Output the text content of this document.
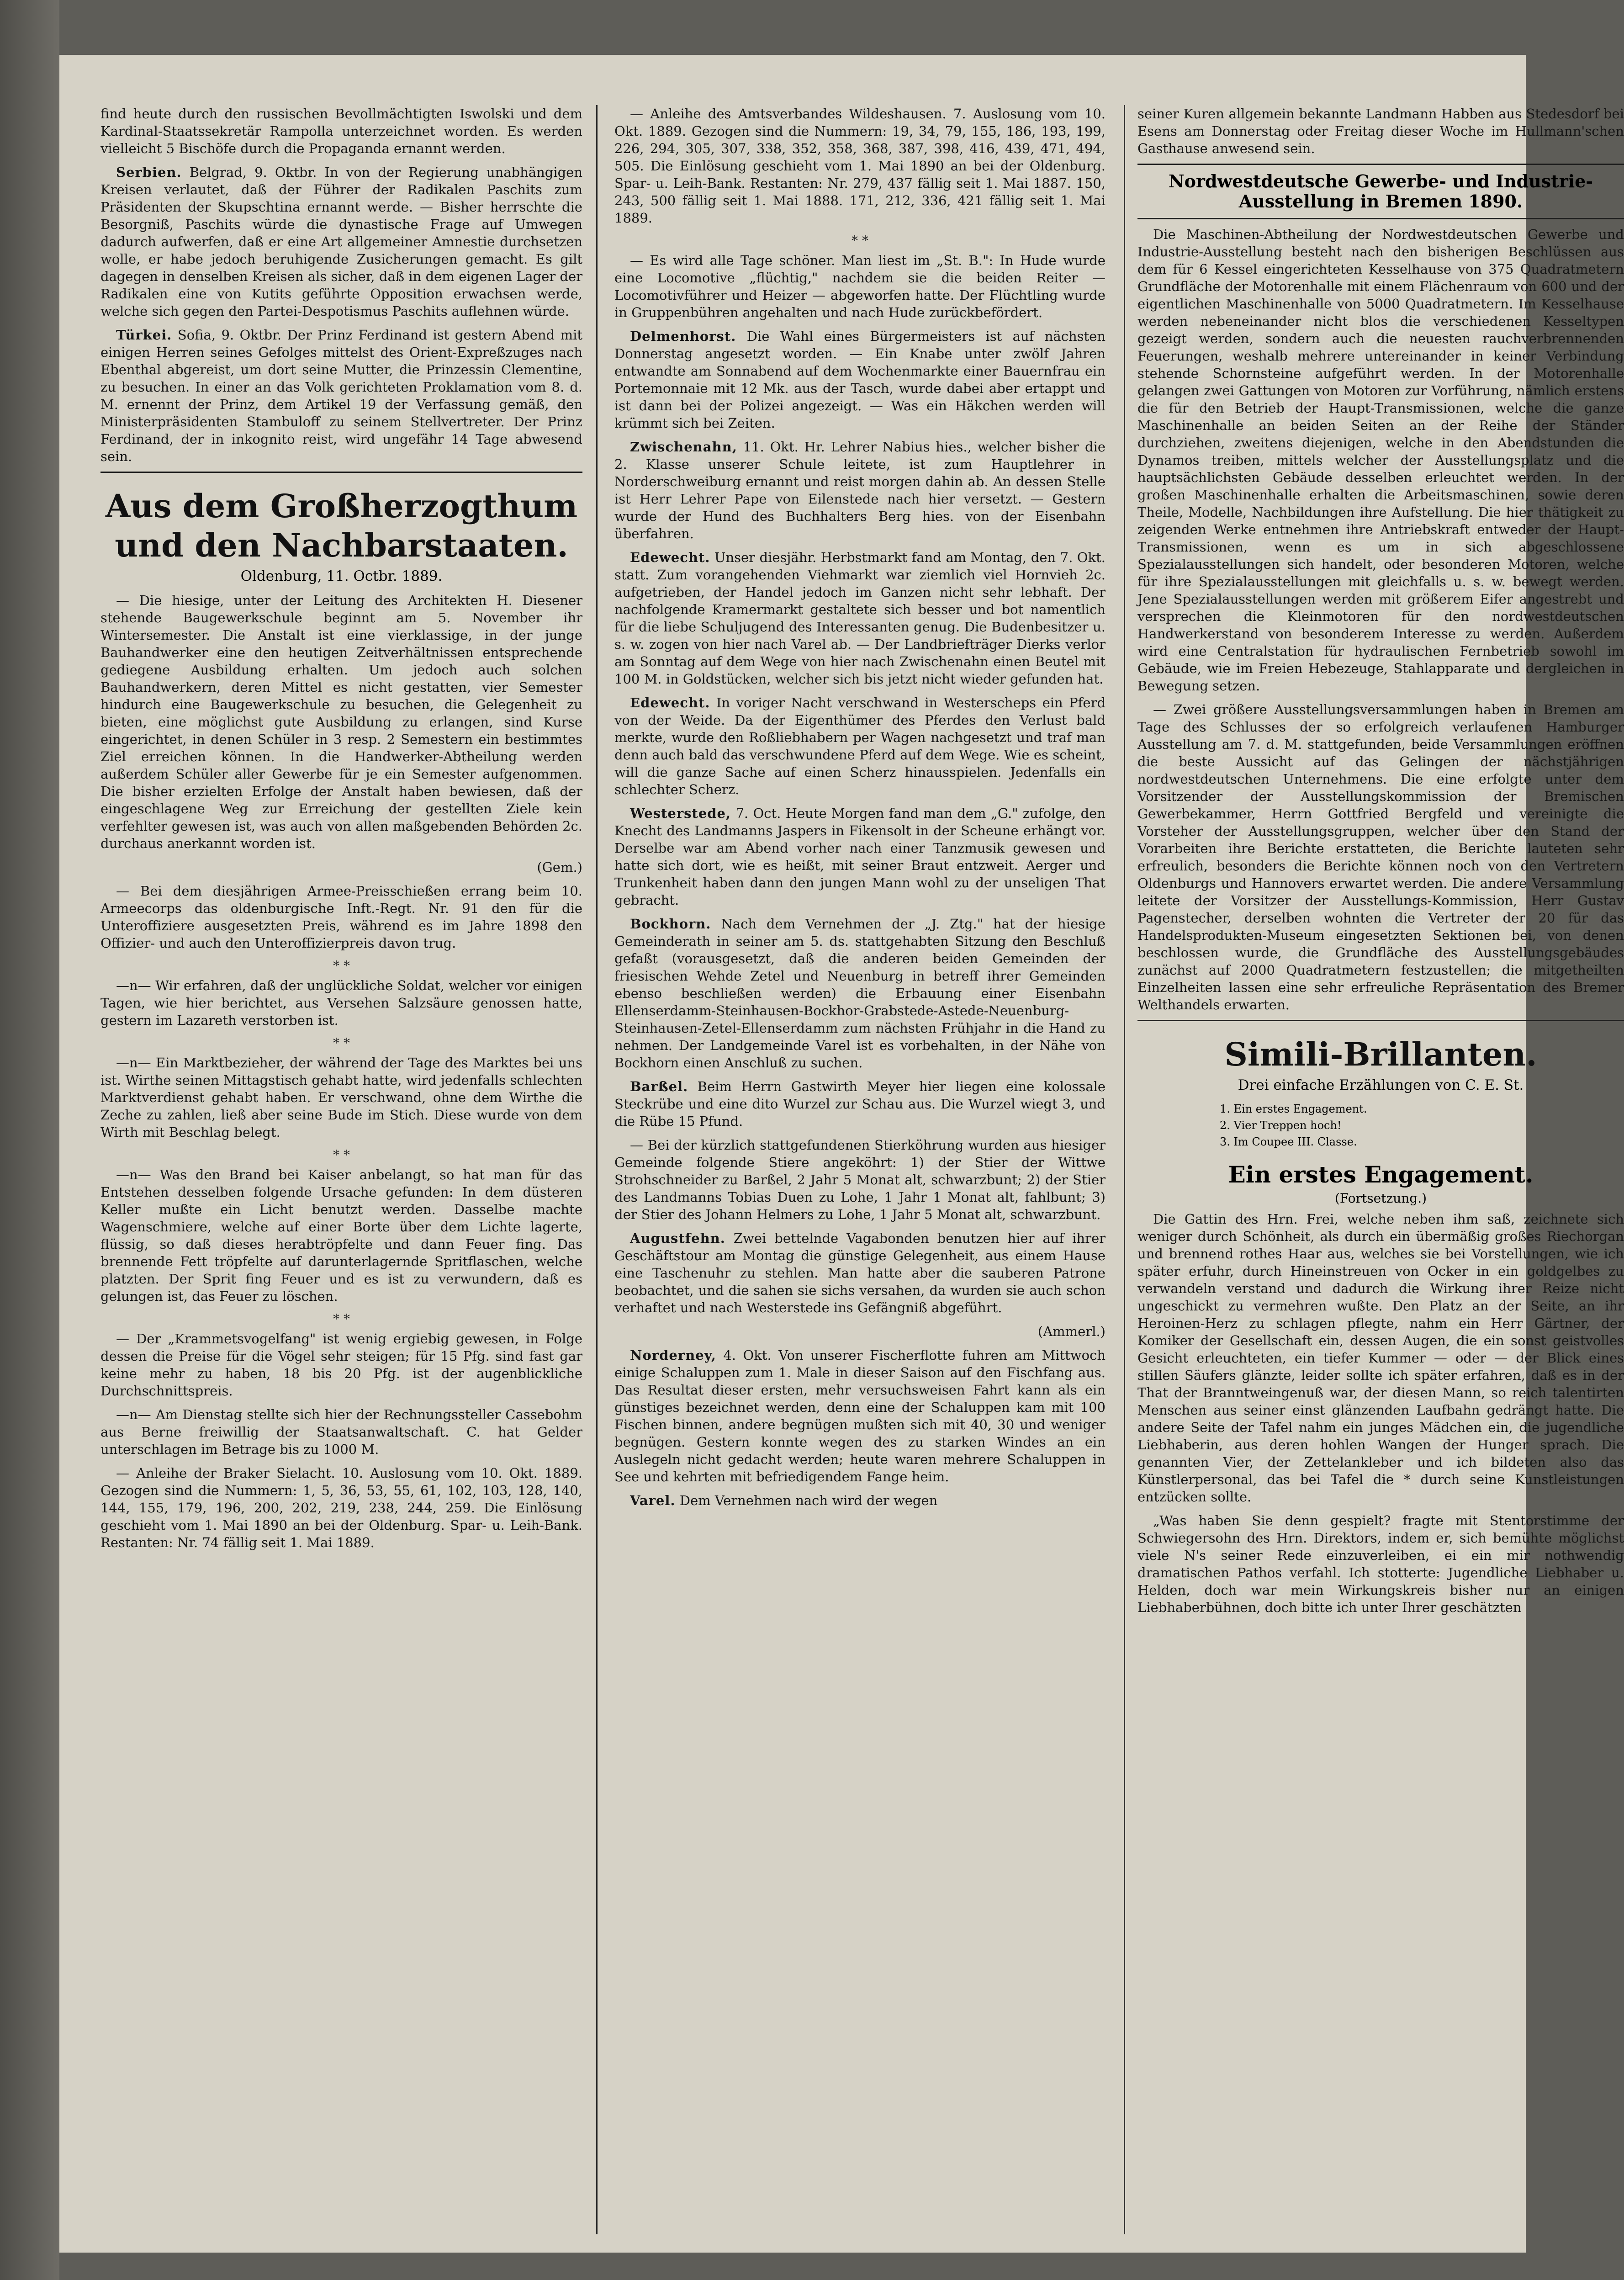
find heute durch den russischen Bevollmächtigten Iswolski und dem Kardinal-Staatssekretär Rampolla unterzeichnet worden. Es werden vielleicht 5 Bischöfe durch die Propaganda ernannt werden.

Serbien. Belgrad, 9. Oktbr. In von der Regierung unabhängigen Kreisen verlautet, daß der Führer der Radikalen Paschits zum Präsidenten der Skupschtina ernannt werde. — Bisher herrschte die Besorgniß, Paschits würde die dynastische Frage auf Umwegen dadurch aufwerfen, daß er eine Art allgemeiner Amnestie durchsetzen wolle, er habe jedoch beruhigende Zusicherungen gemacht. Es gilt dagegen in denselben Kreisen als sicher, daß in dem eigenen Lager der Radikalen eine von Kutits geführte Opposition erwachsen werde, welche sich gegen den Partei-Despotismus Paschits auflehnen würde.

Türkei. Sofia, 9. Oktbr. Der Prinz Ferdinand ist gestern Abend mit einigen Herren seines Gefolges mittelst des Orient-Expreßzuges nach Ebenthal abgereist, um dort seine Mutter, die Prinzessin Clementine, zu besuchen. In einer an das Volk gerichteten Proklamation vom 8. d. M. ernennt der Prinz, dem Artikel 19 der Verfassung gemäß, den Ministerpräsidenten Stambuloff zu seinem Stellvertreter. Der Prinz Ferdinand, der in inkognito reist, wird ungefähr 14 Tage abwesend sein.

Aus dem Großherzogthum und den Nachbarstaaten.
Oldenburg, 11. Octbr. 1889.

— Die hiesige, unter der Leitung des Architekten H. Diesener stehende Baugewerkschule beginnt am 5. November ihr Wintersemester. Die Anstalt ist eine vierklassige, in der junge Bauhandwerker eine den heutigen Zeitverhältnissen entsprechende gediegene Ausbildung erhalten. Um jedoch auch solchen Bauhandwerkern, deren Mittel es nicht gestatten, vier Semester hindurch eine Baugewerkschule zu besuchen, die Gelegenheit zu bieten, eine möglichst gute Ausbildung zu erlangen, sind Kurse eingerichtet, in denen Schüler in 3 resp. 2 Semestern ein bestimmtes Ziel erreichen können. In die Handwerker-Abtheilung werden außerdem Schüler aller Gewerbe für je ein Semester aufgenommen. Die bisher erzielten Erfolge der Anstalt haben bewiesen, daß der eingeschlagene Weg zur Erreichung der gestellten Ziele kein verfehlter gewesen ist, was auch von allen maßgebenden Behörden 2c. durchaus anerkannt worden ist.

(Gem.)

— Bei dem diesjährigen Armee-Preisschießen errang beim 10. Armeecorps das oldenburgische Inft.-Regt. Nr. 91 den für die Unteroffiziere ausgesetzten Preis, während es im Jahre 1898 den Offizier- und auch den Unteroffizierpreis davon trug.

* *

—n— Wir erfahren, daß der unglückliche Soldat, welcher vor einigen Tagen, wie hier berichtet, aus Versehen Salzsäure genossen hatte, gestern im Lazareth verstorben ist.

* *

—n— Ein Marktbezieher, der während der Tage des Marktes bei uns ist. Wirthe seinen Mittagstisch gehabt hatte, wird jedenfalls schlechten Marktverdienst gehabt haben. Er verschwand, ohne dem Wirthe die Zeche zu zahlen, ließ aber seine Bude im Stich. Diese wurde von dem Wirth mit Beschlag belegt.

* *

—n— Was den Brand bei Kaiser anbelangt, so hat man für das Entstehen desselben folgende Ursache gefunden: In dem düsteren Keller mußte ein Licht benutzt werden. Dasselbe machte Wagenschmiere, welche auf einer Borte über dem Lichte lagerte, flüssig, so daß dieses herabtröpfelte und dann Feuer fing. Das brennende Fett tröpfelte auf darunterlagernde Spritflaschen, welche platzten. Der Sprit fing Feuer und es ist zu verwundern, daß es gelungen ist, das Feuer zu löschen.

* *

— Der „Krammetsvogelfang" ist wenig ergiebig gewesen, in Folge dessen die Preise für die Vögel sehr steigen; für 15 Pfg. sind fast gar keine mehr zu haben, 18 bis 20 Pfg. ist der augenblickliche Durchschnittspreis.

—n— Am Dienstag stellte sich hier der Rechnungssteller Cassebohm aus Berne freiwillig der Staatsanwaltschaft. C. hat Gelder unterschlagen im Betrage bis zu 1000 M.

— Anleihe der Braker Sielacht. 10. Auslosung vom 10. Okt. 1889. Gezogen sind die Nummern: 1, 5, 36, 53, 55, 61, 102, 103, 128, 140, 144, 155, 179, 196, 200, 202, 219, 238, 244, 259. Die Einlösung geschieht vom 1. Mai 1890 an bei der Oldenburg. Spar- u. Leih-Bank. Restanten: Nr. 74 fällig seit 1. Mai 1889.

— Anleihe des Amtsverbandes Wildeshausen. 7. Auslosung vom 10. Okt. 1889. Gezogen sind die Nummern: 19, 34, 79, 155, 186, 193, 199, 226, 294, 305, 307, 338, 352, 358, 368, 387, 398, 416, 439, 471, 494, 505. Die Einlösung geschieht vom 1. Mai 1890 an bei der Oldenburg. Spar- u. Leih-Bank. Restanten: Nr. 279, 437 fällig seit 1. Mai 1887. 150, 243, 500 fällig seit 1. Mai 1888. 171, 212, 336, 421 fällig seit 1. Mai 1889.

* *

— Es wird alle Tage schöner. Man liest im „St. B.": In Hude wurde eine Locomotive „flüchtig," nachdem sie die beiden Reiter — Locomotivführer und Heizer — abgeworfen hatte. Der Flüchtling wurde in Gruppenbühren angehalten und nach Hude zurückbefördert.

Delmenhorst. Die Wahl eines Bürgermeisters ist auf nächsten Donnerstag angesetzt worden. — Ein Knabe unter zwölf Jahren entwandte am Sonnabend auf dem Wochenmarkte einer Bauernfrau ein Portemonnaie mit 12 Mk. aus der Tasch, wurde dabei aber ertappt und ist dann bei der Polizei angezeigt. — Was ein Häkchen werden will krümmt sich bei Zeiten.

Zwischenahn, 11. Okt. Hr. Lehrer Nabius hies., welcher bisher die 2. Klasse unserer Schule leitete, ist zum Hauptlehrer in Norderschweiburg ernannt und reist morgen dahin ab. An dessen Stelle ist Herr Lehrer Pape von Eilenstede nach hier versetzt. — Gestern wurde der Hund des Buchhalters Berg hies. von der Eisenbahn überfahren.

Edewecht. Unser diesjähr. Herbstmarkt fand am Montag, den 7. Okt. statt. Zum vorangehenden Viehmarkt war ziemlich viel Hornvieh 2c. aufgetrieben, der Handel jedoch im Ganzen nicht sehr lebhaft. Der nachfolgende Kramermarkt gestaltete sich besser und bot namentlich für die liebe Schuljugend des Interessanten genug. Die Budenbesitzer u. s. w. zogen von hier nach Varel ab. — Der Landbriefträger Dierks verlor am Sonntag auf dem Wege von hier nach Zwischenahn einen Beutel mit 100 M. in Goldstücken, welcher sich bis jetzt nicht wieder gefunden hat.

Edewecht. In voriger Nacht verschwand in Westerscheps ein Pferd von der Weide. Da der Eigenthümer des Pferdes den Verlust bald merkte, wurde den Roßliebhabern per Wagen nachgesetzt und traf man denn auch bald das verschwundene Pferd auf dem Wege. Wie es scheint, will die ganze Sache auf einen Scherz hinausspielen. Jedenfalls ein schlechter Scherz.

Westerstede, 7. Oct. Heute Morgen fand man dem „G." zufolge, den Knecht des Landmanns Jaspers in Fikensolt in der Scheune erhängt vor. Derselbe war am Abend vorher nach einer Tanzmusik gewesen und hatte sich dort, wie es heißt, mit seiner Braut entzweit. Aerger und Trunkenheit haben dann den jungen Mann wohl zu der unseligen That gebracht.

Bockhorn. Nach dem Vernehmen der „J. Ztg." hat der hiesige Gemeinderath in seiner am 5. ds. stattgehabten Sitzung den Beschluß gefaßt (vorausgesetzt, daß die anderen beiden Gemeinden der friesischen Wehde Zetel und Neuenburg in betreff ihrer Gemeinden ebenso beschließen werden) die Erbauung einer Eisenbahn Ellenserdamm-Steinhausen-Bockhor-Grabstede-Astede-Neuenburg-Steinhausen-Zetel-Ellenserdamm zum nächsten Frühjahr in die Hand zu nehmen. Der Landgemeinde Varel ist es vorbehalten, in der Nähe von Bockhorn einen Anschluß zu suchen.

Barßel. Beim Herrn Gastwirth Meyer hier liegen eine kolossale Steckrübe und eine dito Wurzel zur Schau aus. Die Wurzel wiegt 3, und die Rübe 15 Pfund.

— Bei der kürzlich stattgefundenen Stierköhrung wurden aus hiesiger Gemeinde folgende Stiere angeköhrt: 1) der Stier der Wittwe Strohschneider zu Barßel, 2 Jahr 5 Monat alt, schwarzbunt; 2) der Stier des Landmanns Tobias Duen zu Lohe, 1 Jahr 1 Monat alt, fahlbunt; 3) der Stier des Johann Helmers zu Lohe, 1 Jahr 5 Monat alt, schwarzbunt.

Augustfehn. Zwei bettelnde Vagabonden benutzen hier auf ihrer Geschäftstour am Montag die günstige Gelegenheit, aus einem Hause eine Taschenuhr zu stehlen. Man hatte aber die sauberen Patrone beobachtet, und die sahen sie sichs versahen, da wurden sie auch schon verhaftet und nach Westerstede ins Gefängniß abgeführt.

(Ammerl.)

Norderney, 4. Okt. Von unserer Fischerflotte fuhren am Mittwoch einige Schaluppen zum 1. Male in dieser Saison auf den Fischfang aus. Das Resultat dieser ersten, mehr versuchsweisen Fahrt kann als ein günstiges bezeichnet werden, denn eine der Schaluppen kam mit 100 Fischen binnen, andere begnügen mußten sich mit 40, 30 und weniger begnügen. Gestern konnte wegen des zu starken Windes an ein Auslegeln nicht gedacht werden; heute waren mehrere Schaluppen in See und kehrten mit befriedigendem Fange heim.

Varel. Dem Vernehmen nach wird der wegen

seiner Kuren allgemein bekannte Landmann Habben aus Stedesdorf bei Esens am Donnerstag oder Freitag dieser Woche im Hullmann'schen Gasthause anwesend sein.

Nordwestdeutsche Gewerbe- und Industrie-Ausstellung in Bremen 1890.

Die Maschinen-Abtheilung der Nordwestdeutschen Gewerbe und Industrie-Ausstellung besteht nach den bisherigen Beschlüssen aus dem für 6 Kessel eingerichteten Kesselhause von 375 Quadratmetern Grundfläche der Motorenhalle mit einem Flächenraum von 600 und der eigentlichen Maschinenhalle von 5000 Quadratmetern. Im Kesselhause werden nebeneinander nicht blos die verschiedenen Kesseltypen gezeigt werden, sondern auch die neuesten rauchverbrennenden Feuerungen, weshalb mehrere untereinander in keiner Verbindung stehende Schornsteine aufgeführt werden. In der Motorenhalle gelangen zwei Gattungen von Motoren zur Vorführung, nämlich erstens die für den Betrieb der Haupt-Transmissionen, welche die ganze Maschinenhalle an beiden Seiten an der Reihe der Ständer durchziehen, zweitens diejenigen, welche in den Abendstunden die Dynamos treiben, mittels welcher der Ausstellungsplatz und die hauptsächlichsten Gebäude desselben erleuchtet werden. In der großen Maschinenhalle erhalten die Arbeitsmaschinen, sowie deren Theile, Modelle, Nachbildungen ihre Aufstellung. Die hier thätigkeit zu zeigenden Werke entnehmen ihre Antriebskraft entweder der Haupt-Transmissionen, wenn es um in sich abgeschlossene Spezialausstellungen sich handelt, oder besonderen Motoren, welche für ihre Spezialausstellungen mit gleichfalls u. s. w. bewegt werden. Jene Spezialausstellungen werden mit größerem Eifer angestrebt und versprechen die Kleinmotoren für den nordwestdeutschen Handwerkerstand von besonderem Interesse zu werden. Außerdem wird eine Centralstation für hydraulischen Fernbetrieb sowohl im Gebäude, wie im Freien Hebezeuge, Stahlapparate und dergleichen in Bewegung setzen.

— Zwei größere Ausstellungsversammlungen haben in Bremen am Tage des Schlusses der so erfolgreich verlaufenen Hamburger Ausstellung am 7. d. M. stattgefunden, beide Versammlungen eröffnen die beste Aussicht auf das Gelingen der nächstjährigen nordwestdeutschen Unternehmens. Die eine erfolgte unter dem Vorsitzender der Ausstellungskommission der Bremischen Gewerbekammer, Herrn Gottfried Bergfeld und vereinigte die Vorsteher der Ausstellungsgruppen, welcher über den Stand der Vorarbeiten ihre Berichte erstatteten, die Berichte lauteten sehr erfreulich, besonders die Berichte können noch von den Vertretern Oldenburgs und Hannovers erwartet werden. Die andere Versammlung leitete der Vorsitzer der Ausstellungs-Kommission, Herr Gustav Pagenstecher, derselben wohnten die Vertreter der 20 für das Handelsprodukten-Museum eingesetzten Sektionen bei, von denen beschlossen wurde, die Grundfläche des Ausstellungsgebäudes zunächst auf 2000 Quadratmetern festzustellen; die mitgetheilten Einzelheiten lassen eine sehr erfreuliche Repräsentation des Bremer Welthandels erwarten.

Simili-Brillanten.
Drei einfache Erzählungen von C. E. St.
1. Ein erstes Engagement.
2. Vier Treppen hoch!
3. Im Coupee III. Classe.
Ein erstes Engagement.
(Fortsetzung.)

Die Gattin des Hrn. Frei, welche neben ihm saß, zeichnete sich weniger durch Schönheit, als durch ein übermäßig großes Riechorgan und brennend rothes Haar aus, welches sie bei Vorstellungen, wie ich später erfuhr, durch Hineinstreuen von Ocker in ein goldgelbes zu verwandeln verstand und dadurch die Wirkung ihrer Reize nicht ungeschickt zu vermehren wußte. Den Platz an der Seite, an ihr Heroinen-Herz zu schlagen pflegte, nahm ein Herr Gärtner, der Komiker der Gesellschaft ein, dessen Augen, die ein sonst geistvolles Gesicht erleuchteten, ein tiefer Kummer — oder — der Blick eines stillen Säufers glänzte, leider sollte ich später erfahren, daß es in der That der Branntweingenuß war, der diesen Mann, so reich talentirten Menschen aus seiner einst glänzenden Laufbahn gedrängt hatte. Die andere Seite der Tafel nahm ein junges Mädchen ein, die jugendliche Liebhaberin, aus deren hohlen Wangen der Hunger sprach. Die genannten Vier, der Zettelankleber und ich bildeten also das Künstlerpersonal, das bei Tafel die * durch seine Kunstleistungen entzücken sollte.

„Was haben Sie denn gespielt? fragte mit Stentorstimme der Schwiegersohn des Hrn. Direktors, indem er, sich bemühte möglichst viele N's seiner Rede einzuverleiben, ei ein mir nothwendig dramatischen Pathos verfahl. Ich stotterte: Jugendliche Liebhaber u. Helden, doch war mein Wirkungskreis bisher nur an einigen Liebhaberbühnen, doch bitte ich unter Ihrer geschätzten
